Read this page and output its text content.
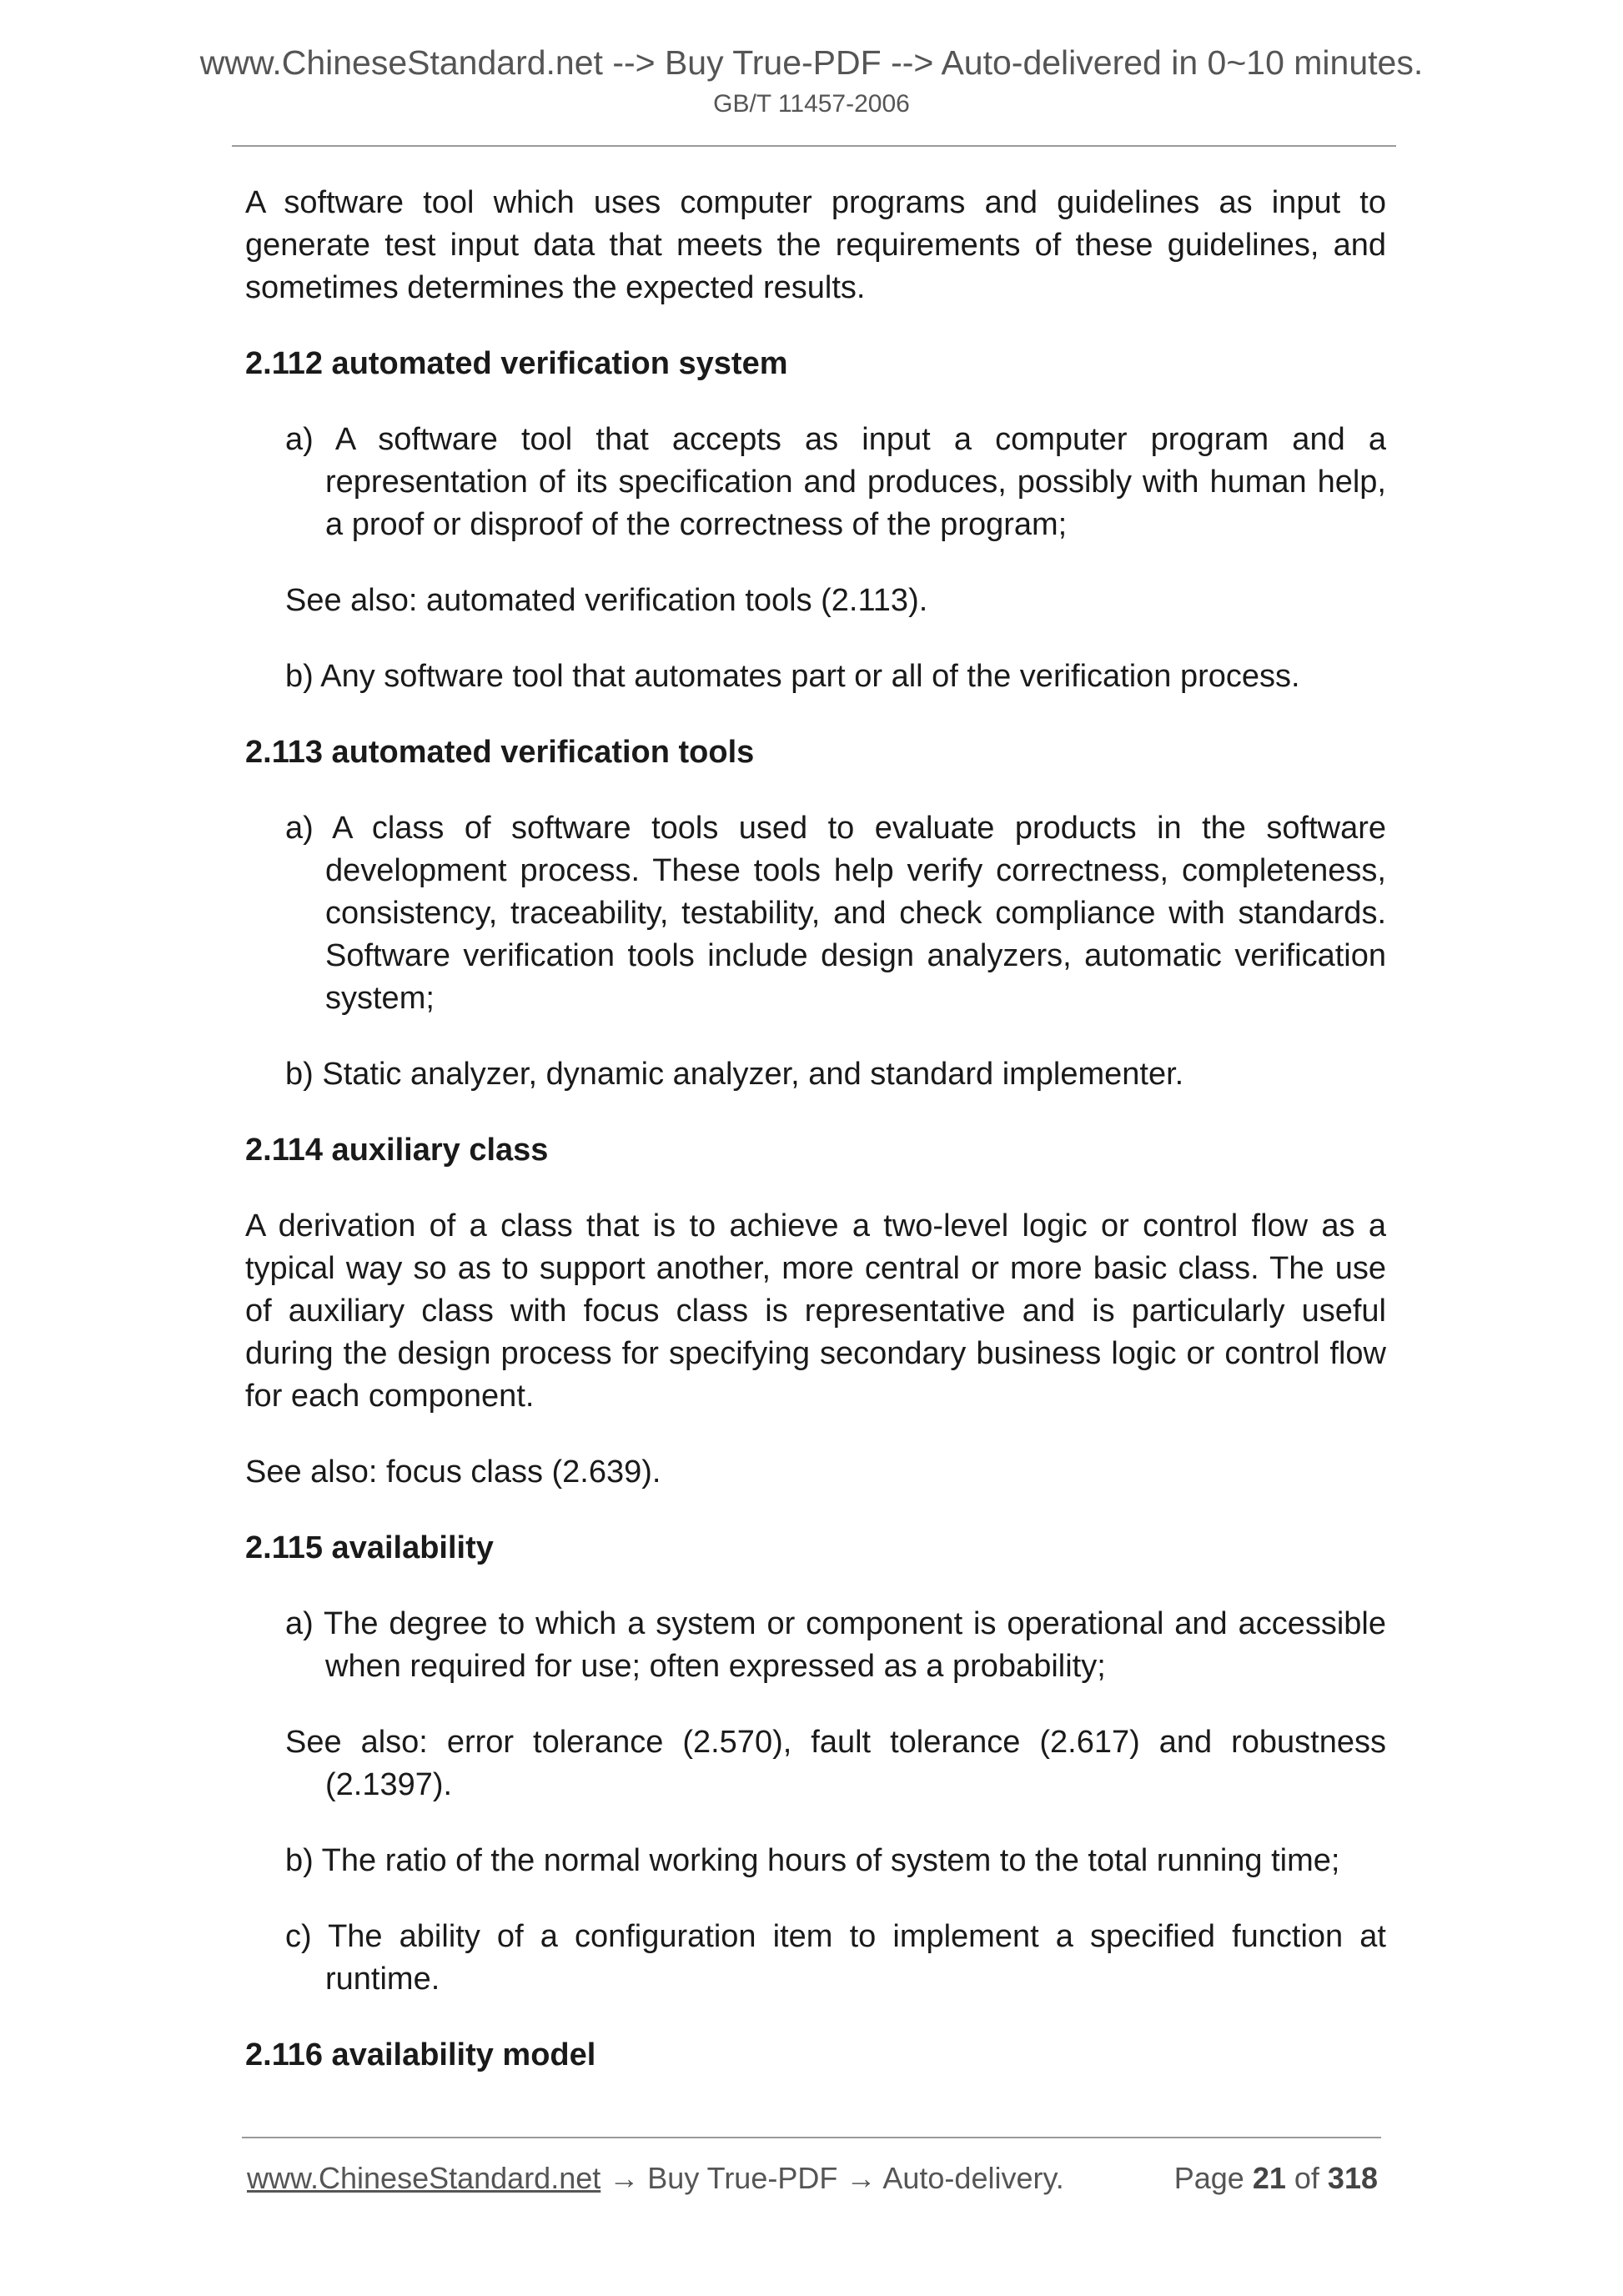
www.ChineseStandard.net --> Buy True-PDF --> Auto-delivered in 0~10 minutes.
GB/T 11457-2006

A software tool which uses computer programs and guidelines as input to generate test input data that meets the requirements of these guidelines, and sometimes determines the expected results.

2.112 automated verification system

a) A software tool that accepts as input a computer program and a representation of its specification and produces, possibly with human help, a proof or disproof of the correctness of the program;

See also: automated verification tools (2.113).

b) Any software tool that automates part or all of the verification process.

2.113 automated verification tools

a) A class of software tools used to evaluate products in the software development process. These tools help verify correctness, completeness, consistency, traceability, testability, and check compliance with standards. Software verification tools include design analyzers, automatic verification system;

b) Static analyzer, dynamic analyzer, and standard implementer.

2.114 auxiliary class

A derivation of a class that is to achieve a two-level logic or control flow as a typical way so as to support another, more central or more basic class. The use of auxiliary class with focus class is representative and is particularly useful during the design process for specifying secondary business logic or control flow for each component.

See also: focus class (2.639).

2.115 availability

a) The degree to which a system or component is operational and accessible when required for use; often expressed as a probability;

See also: error tolerance (2.570), fault tolerance (2.617) and robustness (2.1397).

b) The ratio of the normal working hours of system to the total running time;

c) The ability of a configuration item to implement a specified function at runtime.

2.116 availability model

www.ChineseStandard.net → Buy True-PDF → Auto-delivery.	Page 21 of 318
